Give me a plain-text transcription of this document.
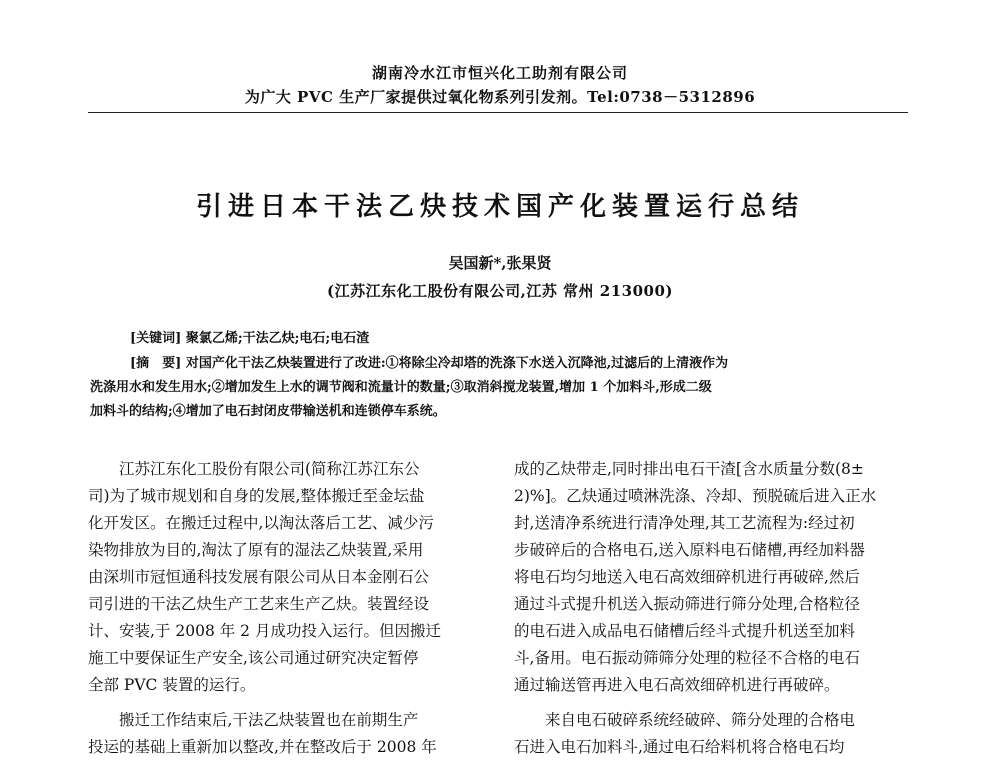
湖南冷水江市恒兴化工助剂有限公司
为广大 PVC 生产厂家提供过氧化物系列引发剂。Tel:0738－5312896
引进日本干法乙炔技术国产化装置运行总结
吴国新*,张果贤
(江苏江东化工股份有限公司,江苏 常州 213000)
[关键词] 聚氯乙烯;干法乙炔;电石;电石渣
[摘　要] 对国产化干法乙炔装置进行了改进:①将除尘冷却塔的洗涤下水送入沉降池,过滤后的上清液作为
洗涤用水和发生用水;②增加发生上水的调节阀和流量计的数量;③取消斜搅龙装置,增加 1 个加料斗,形成二级
加料斗的结构;④增加了电石封闭皮带输送机和连锁停车系统。

江苏江东化工股份有限公司(简称江苏江东公

司)为了城市规划和自身的发展,整体搬迁至金坛盐

化开发区。在搬迁过程中,以淘汰落后工艺、减少污

染物排放为目的,淘汰了原有的湿法乙炔装置,采用

由深圳市冠恒通科技发展有限公司从日本金刚石公

司引进的干法乙炔生产工艺来生产乙炔。装置经设

计、安装,于 2008 年 2 月成功投入运行。但因搬迁

施工中要保证生产安全,该公司通过研究决定暂停

全部 PVC 装置的运行。

搬迁工作结束后,干法乙炔装置也在前期生产

投运的基础上重新加以整改,并在整改后于 2008 年

成的乙炔带走,同时排出电石干渣[含水质量分数(8±

2)%]。乙炔通过喷淋洗涤、冷却、预脱硫后进入正水

封,送清净系统进行清净处理,其工艺流程为:经过初

步破碎后的合格电石,送入原料电石储槽,再经加料器

将电石均匀地送入电石高效细碎机进行再破碎,然后

通过斗式提升机送入振动筛进行筛分处理,合格粒径

的电石进入成品电石储槽后经斗式提升机送至加料

斗,备用。电石振动筛筛分处理的粒径不合格的电石

通过输送管再进入电石高效细碎机进行再破碎。

来自电石破碎系统经破碎、筛分处理的合格电

石进入电石加料斗,通过电石给料机将合格电石均
